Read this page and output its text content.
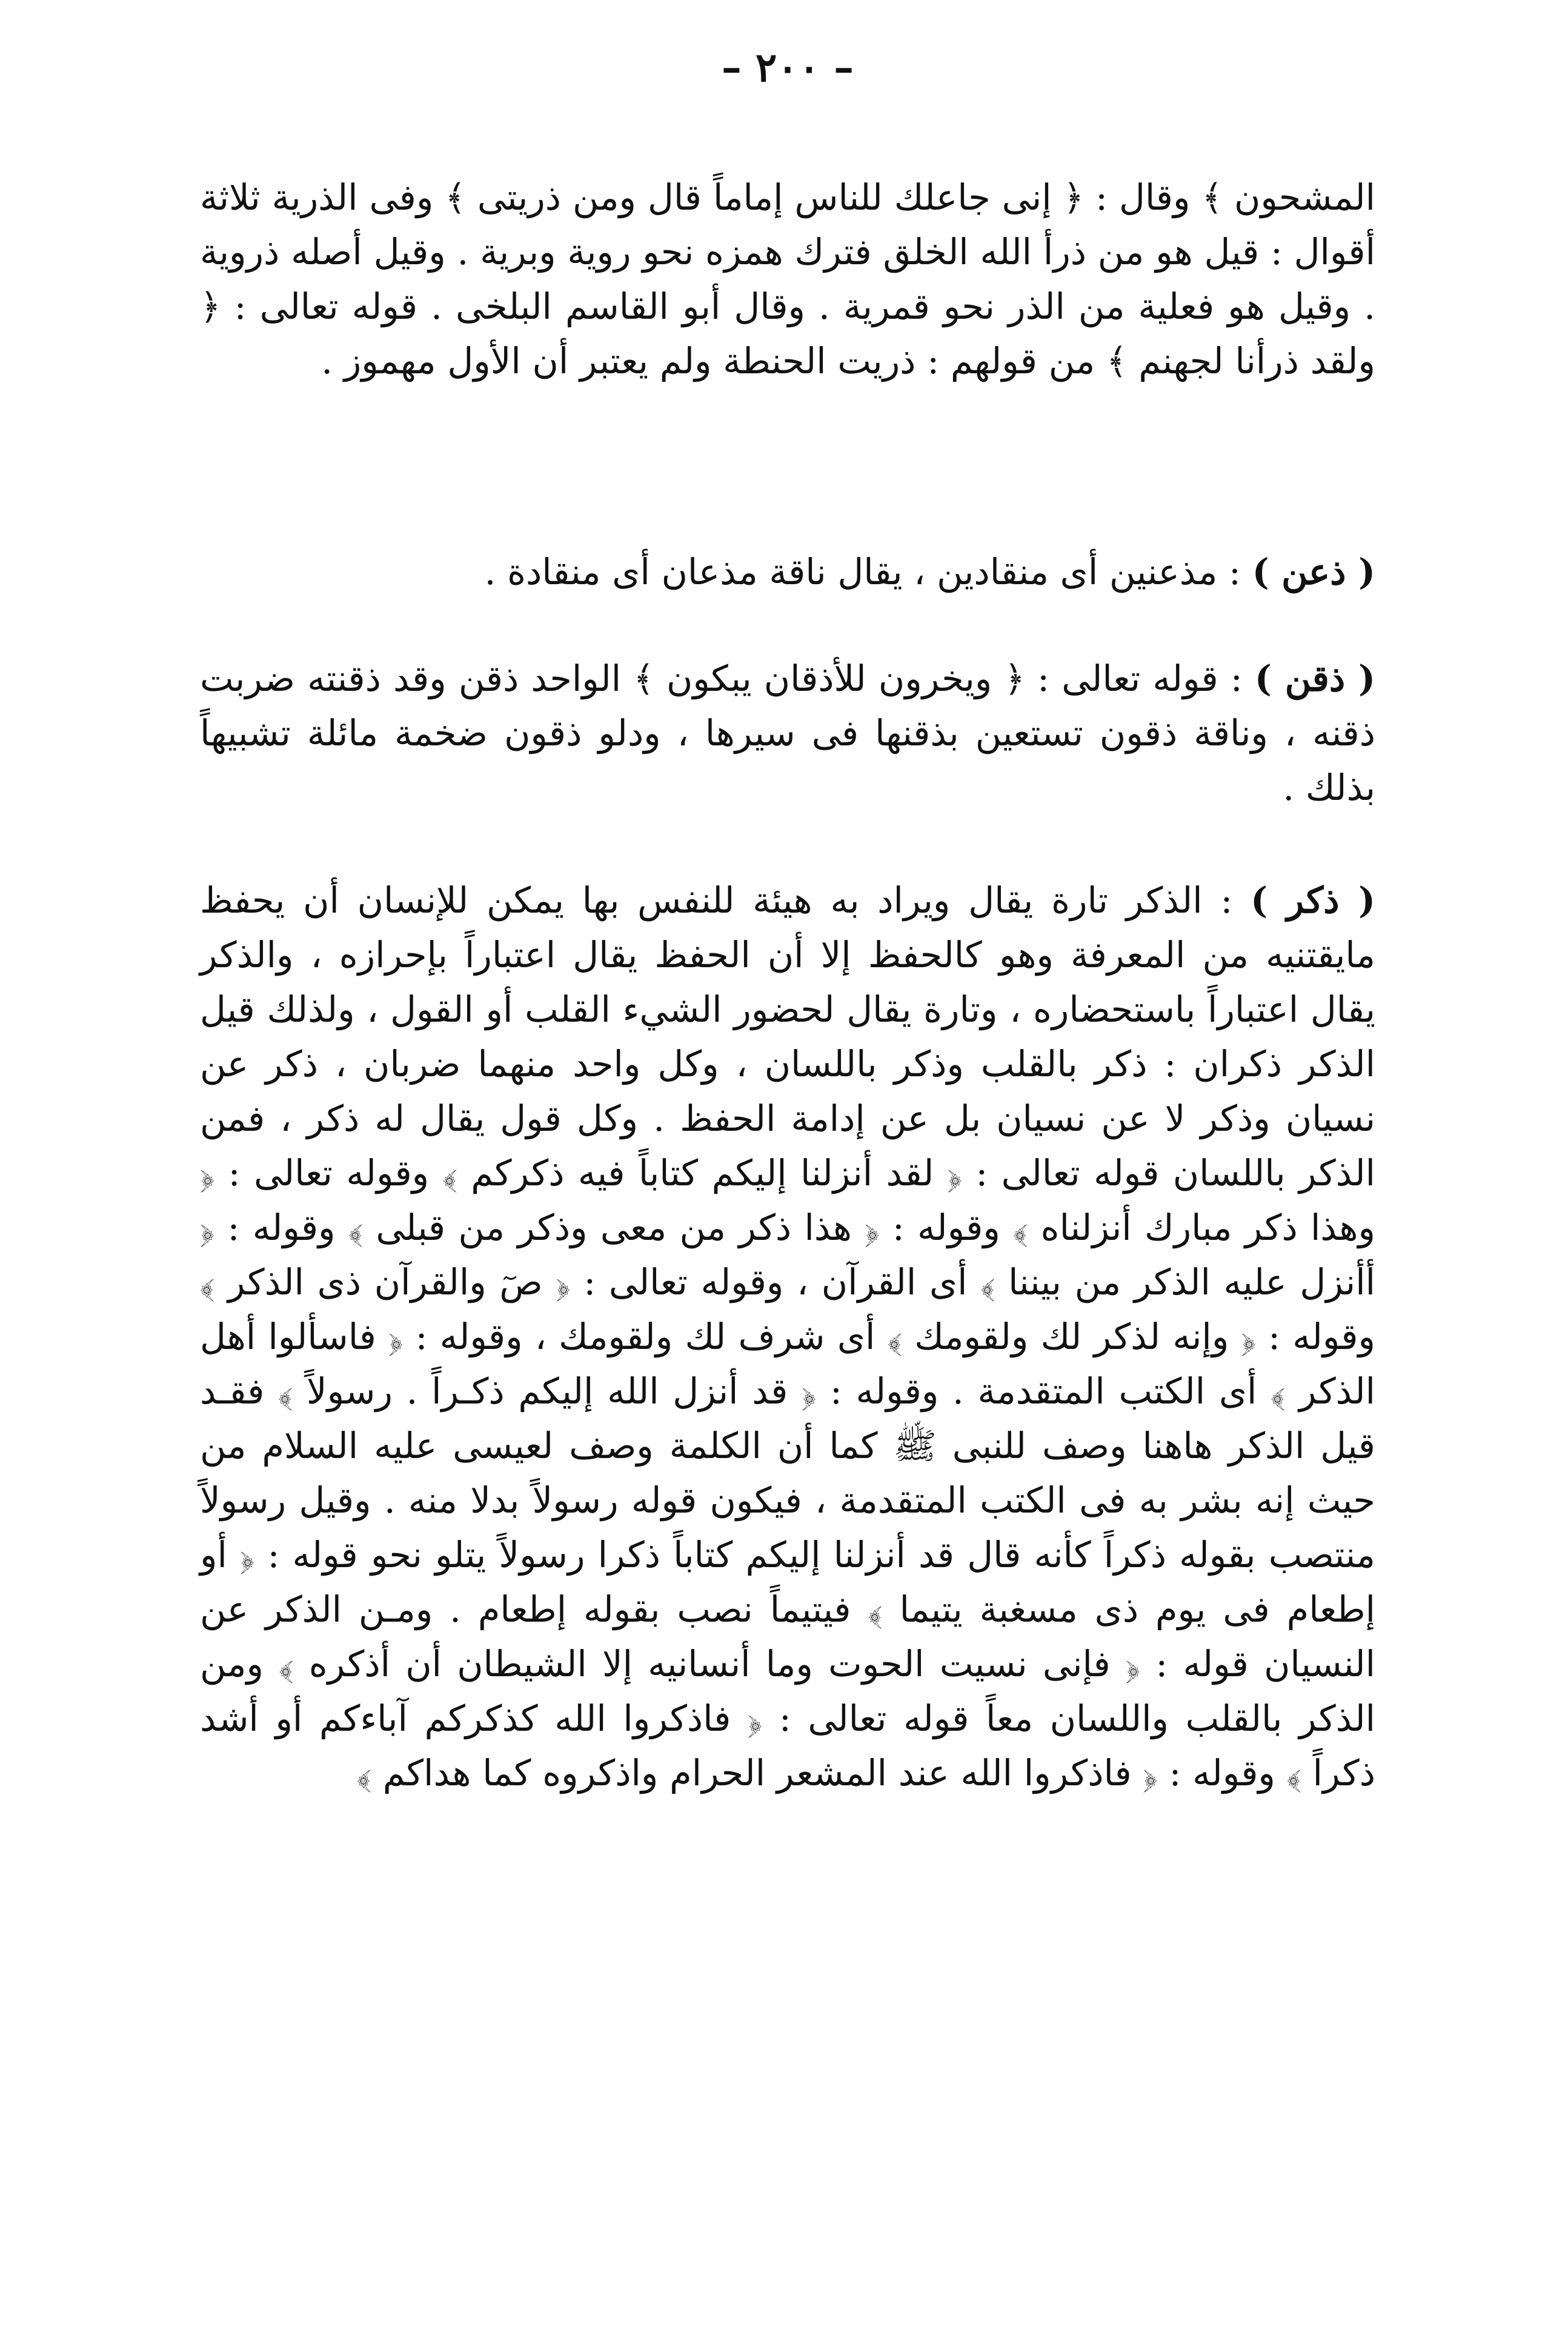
– ٢٠٠ –

المشحون ﴾ وقال : ﴿ إنى جاعلك للناس إماماً قال ومن ذريتى ﴾ وفى الذرية ثلاثة أقوال : قيل هو من ذرأ الله الخلق فترك همزه نحو روية وبرية . وقيل أصله ذروية . وقيل هو فعلية من الذر نحو قمرية . وقال أبو القاسم البلخى . قوله تعالى : ﴿ ولقد ذرأنا لجهنم ﴾ من قولهم : ذريت الحنطة ولم يعتبر أن الأول مهموز .

( ذعن ) : مذعنين أى منقادين ، يقال ناقة مذعان أى منقادة .

( ذقن ) : قوله تعالى : ﴿ ويخرون للأذقان يبكون ﴾ الواحد ذقن وقد ذقنته ضربت ذقنه ، وناقة ذقون تستعين بذقنها فى سيرها ، ودلو ذقون ضخمة مائلة تشبيهاً بذلك .

( ذكر ) : الذكر تارة يقال ويراد به هيئة للنفس بها يمكن للإنسان أن يحفظ مايقتنيه من المعرفة وهو كالحفظ إلا أن الحفظ يقال اعتباراً بإحرازه ، والذكر يقال اعتباراً باستحضاره ، وتارة يقال لحضور الشيء القلب أو القول ، ولذلك قيل الذكر ذكران : ذكر بالقلب وذكر باللسان ، وكل واحد منهما ضربان ، ذكر عن نسيان وذكر لا عن نسيان بل عن إدامة الحفظ . وكل قول يقال له ذكر ، فمن الذكر باللسان قوله تعالى : ﴿ لقد أنزلنا إليكم كتاباً فيه ذكركم ﴾ وقوله تعالى : ﴿ وهذا ذكر مبارك أنزلناه ﴾ وقوله : ﴿ هذا ذكر من معى وذكر من قبلى ﴾ وقوله : ﴿ أأنزل عليه الذكر من بيننا ﴾ أى القرآن ، وقوله تعالى : ﴿ صٓ والقرآن ذى الذكر ﴾ وقوله : ﴿ وإنه لذكر لك ولقومك ﴾ أى شرف لك ولقومك ، وقوله : ﴿ فاسألوا أهل الذكر ﴾ أى الكتب المتقدمة . وقوله : ﴿ قد أنزل الله إليكم ذكـراً . رسولاً ﴾ فقـد قيل الذكر هاهنا وصف للنبى ﷺ كما أن الكلمة وصف لعيسى عليه السلام من حيث إنه بشر به فى الكتب المتقدمة ، فيكون قوله رسولاً بدلا منه . وقيل رسولاً منتصب بقوله ذكراً كأنه قال قد أنزلنا إليكم كتاباً ذكرا رسولاً يتلو نحو قوله : ﴿ أو إطعام فى يوم ذى مسغبة يتيما ﴾ فيتيماً نصب بقوله إطعام . ومـن الذكر عن النسيان قوله : ﴿ فإنى نسيت الحوت وما أنسانيه إلا الشيطان أن أذكره ﴾ ومن الذكر بالقلب واللسان معاً قوله تعالى : ﴿ فاذكروا الله كذكركم آباءكم أو أشد ذكراً ﴾ وقوله : ﴿ فاذكروا الله عند المشعر الحرام واذكروه كما هداكم ﴾
